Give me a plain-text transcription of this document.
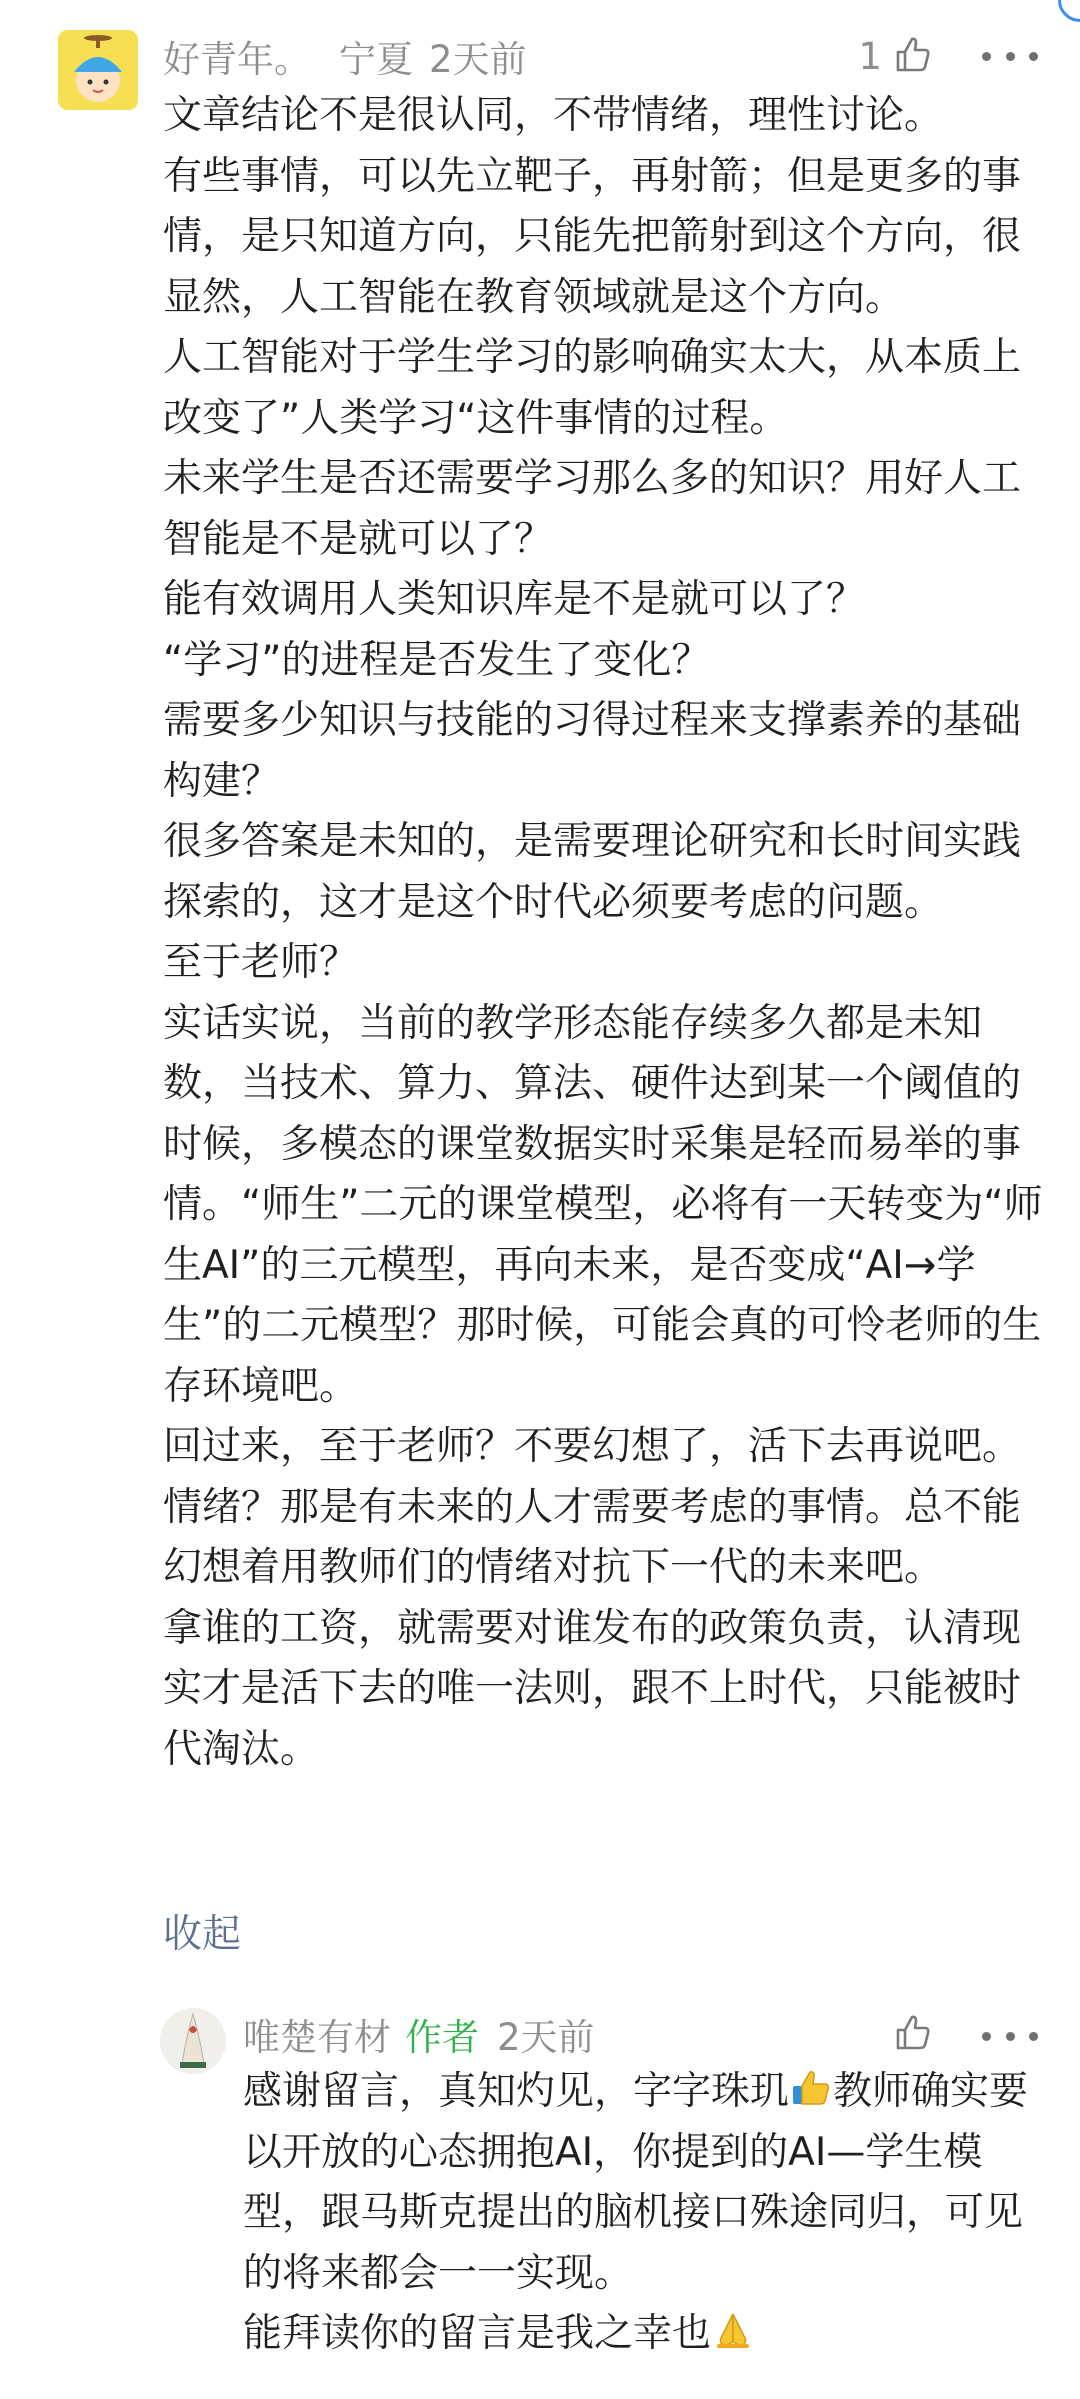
好青年。 宁夏 2天前	1

文章结论不是很认同，不带情绪，理性讨论。

有些事情，可以先立靶子，再射箭；但是更多的事情，是只知道方向，只能先把箭射到这个方向，很显然，人工智能在教育领域就是这个方向。

人工智能对于学生学习的影响确实太大，从本质上改变了”人类学习“这件事情的过程。

未来学生是否还需要学习那么多的知识？用好人工智能是不是就可以了？

能有效调用人类知识库是不是就可以了？

“学习”的进程是否发生了变化？

需要多少知识与技能的习得过程来支撑素养的基础构建？

很多答案是未知的，是需要理论研究和长时间实践探索的，这才是这个时代必须要考虑的问题。

至于老师？

实话实说，当前的教学形态能存续多久都是未知数，当技术、算力、算法、硬件达到某一个阈值的时候，多模态的课堂数据实时采集是轻而易举的事情。“师生”二元的课堂模型，必将有一天转变为“师生AI”的三元模型，再向未来，是否变成“AI→学生”的二元模型？那时候，可能会真的可怜老师的生存环境吧。

回过来，至于老师？不要幻想了，活下去再说吧。情绪？那是有未来的人才需要考虑的事情。总不能幻想着用教师们的情绪对抗下一代的未来吧。

拿谁的工资，就需要对谁发布的政策负责，认清现实才是活下去的唯一法则，跟不上时代，只能被时代淘汰。

收起
唯楚有材 作者 2天前

感谢留言，真知灼见，字字珠玑 教师确实要以开放的心态拥抱AI，你提到的AI—学生模型，跟马斯克提出的脑机接口殊途同归，可见的将来都会一一实现。

能拜读你的留言是我之幸也
